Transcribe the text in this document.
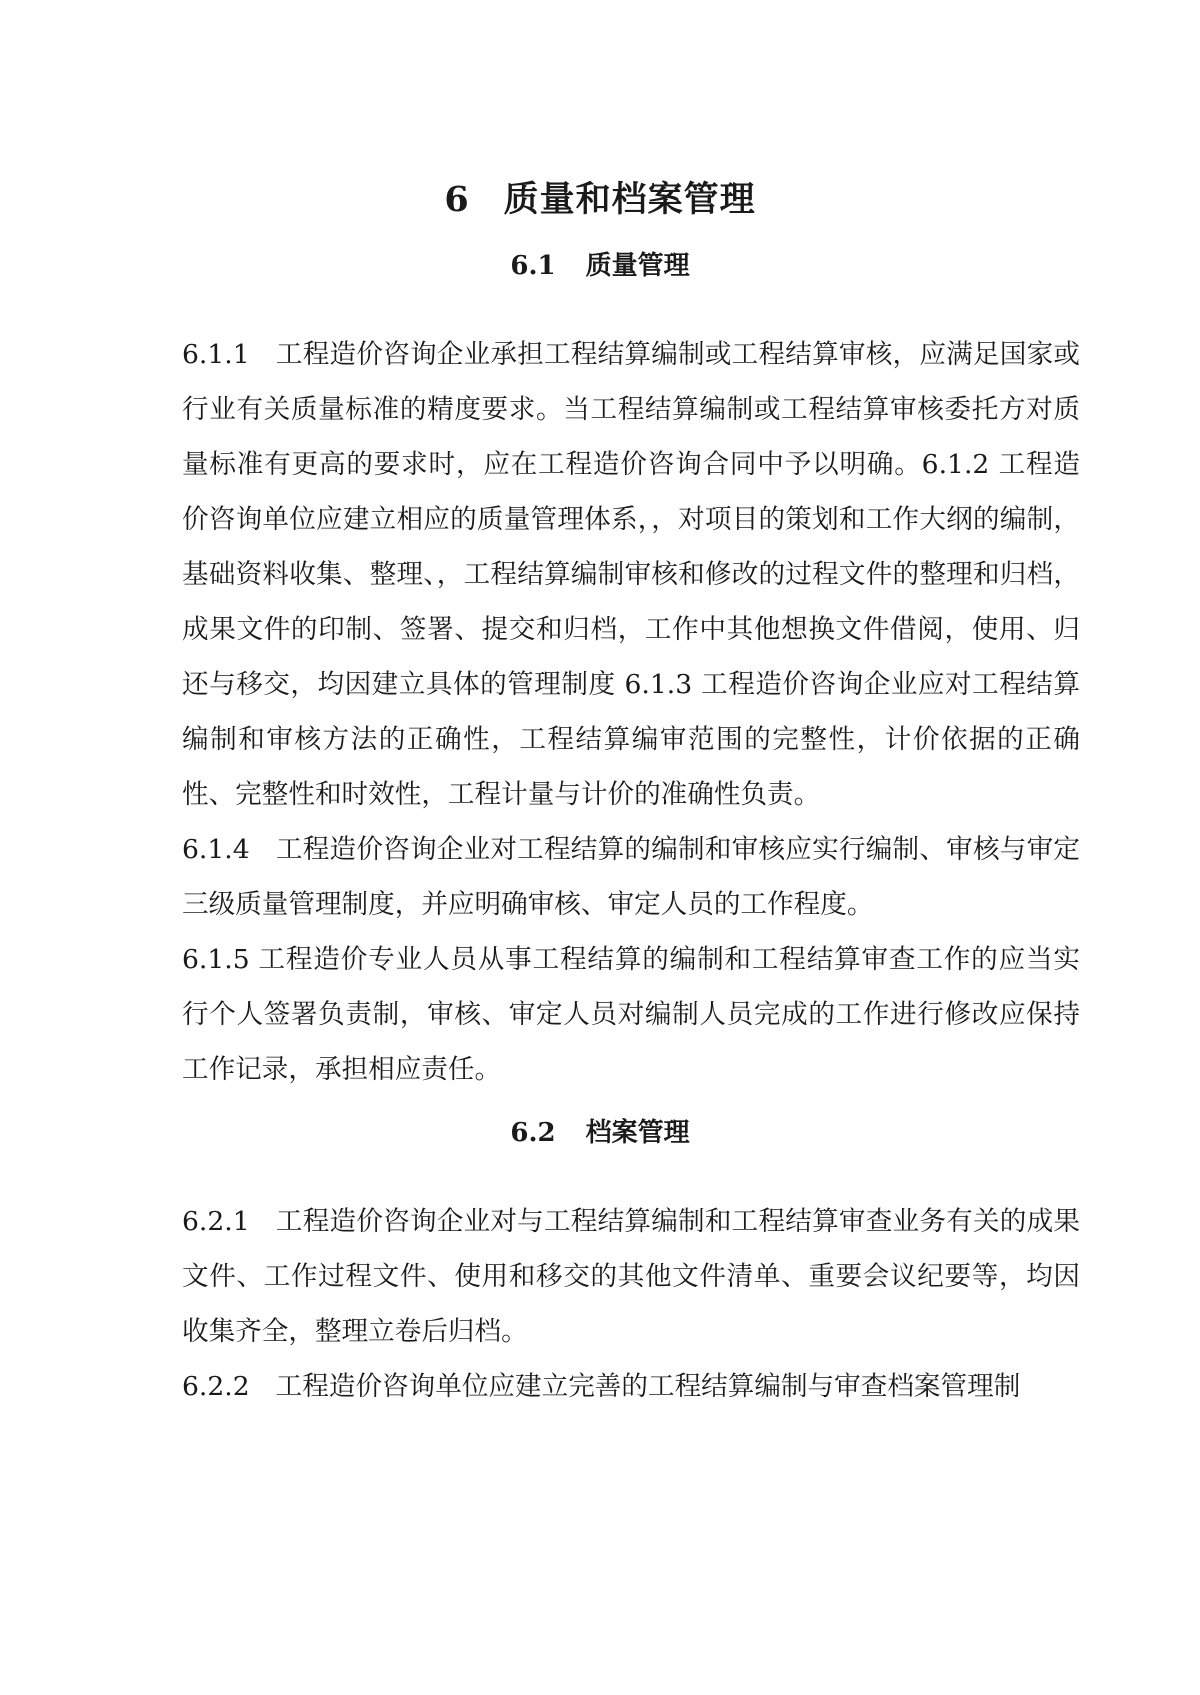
6 质量和档案管理
6.1 质量管理

6.1.1 工程造价咨询企业承担工程结算编制或工程结算审核，应满足国家或行业有关质量标准的精度要求。当工程结算编制或工程结算审核委托方对质量标准有更高的要求时，应在工程造价咨询合同中予以明确。6.1.2 工程造价咨询单位应建立相应的质量管理体系，，对项目的策划和工作大纲的编制，基础资料收集、整理、，工程结算编制审核和修改的过程文件的整理和归档，成果文件的印制、签署、提交和归档，工作中其他想换文件借阅，使用、归还与移交，均因建立具体的管理制度 6.1.3 工程造价咨询企业应对工程结算编制和审核方法的正确性，工程结算编审范围的完整性，计价依据的正确性、完整性和时效性，工程计量与计价的准确性负责。

6.1.4 工程造价咨询企业对工程结算的编制和审核应实行编制、审核与审定三级质量管理制度，并应明确审核、审定人员的工作程度。

6.1.5 工程造价专业人员从事工程结算的编制和工程结算审查工作的应当实行个人签署负责制，审核、审定人员对编制人员完成的工作进行修改应保持工作记录，承担相应责任。

6.2 档案管理

6.2.1 工程造价咨询企业对与工程结算编制和工程结算审查业务有关的成果文件、工作过程文件、使用和移交的其他文件清单、重要会议纪要等，均因收集齐全，整理立卷后归档。

6.2.2 工程造价咨询单位应建立完善的工程结算编制与审查档案管理制
